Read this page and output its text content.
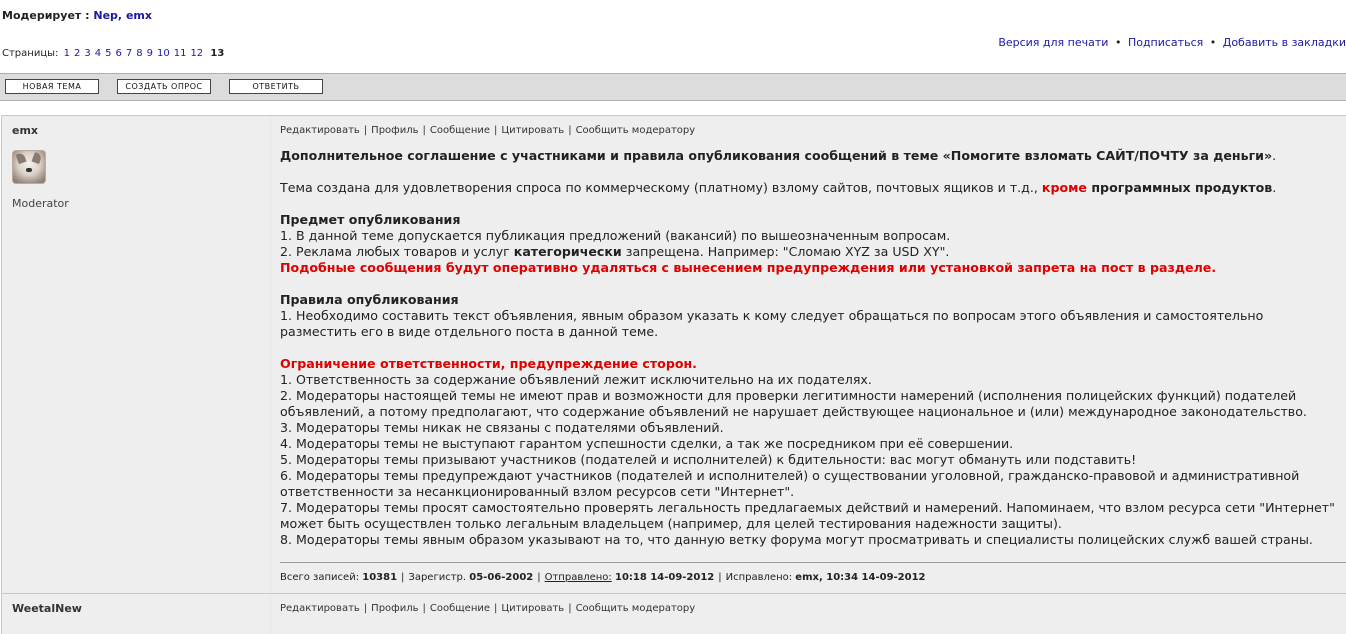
Модерирует : Nep, emx
Страницы: 1 2 3 4 5 6 7 8 9 10 11 12 13
Версия для печати • Подписаться • Добавить в закладки
НОВАЯ ТЕМА	СОЗДАТЬ ОПРОС	ОТВЕТИТЬ
emx
Moderator
Редактировать | Профиль | Сообщение | Цитировать | Сообщить модератору

Дополнительное соглашение с участниками и правила опубликования сообщений в теме «Помогите взломать САЙТ/ПОЧТУ за деньги».

Тема создана для удовлетворения спроса по коммерческому (платному) взлому сайтов, почтовых ящиков и т.д., кроме программных продуктов.

Предмет опубликования

1. В данной теме допускается публикация предложений (вакансий) по вышеозначенным вопросам.

2. Реклама любых товаров и услуг категорически запрещена. Например: "Сломаю XYZ за USD XY".

Подобные сообщения будут оперативно удаляться с вынесением предупреждения или установкой запрета на пост в разделе.

Правила опубликования

1. Необходимо составить текст объявления, явным образом указать к кому следует обращаться по вопросам этого объявления и самостоятельно разместить его в виде отдельного поста в данной теме.

Ограничение ответственности, предупреждение сторон.

1. Ответственность за содержание объявлений лежит исключительно на их подателях.

2. Модераторы настоящей темы не имеют прав и возможности для проверки легитимности намерений (исполнения полицейских функций) подателей объявлений, а потому предполагают, что содержание объявлений не нарушает действующее национальное и (или) международное законодательство.

3. Модераторы темы никак не связаны с подателями объявлений.

4. Модераторы темы не выступают гарантом успешности сделки, а так же посредником при её совершении.

5. Модераторы темы призывают участников (подателей и исполнителей) к бдительности: вас могут обмануть или подставить!

6. Модераторы темы предупреждают участников (подателей и исполнителей) о существовании уголовной, гражданско-правовой и административной ответственности за несанкционированный взлом ресурсов сети "Интернет".

7. Модераторы темы просят самостоятельно проверять легальность предлагаемых действий и намерений. Напоминаем, что взлом ресурса сети "Интернет" может быть осуществлен только легальным владельцем (например, для целей тестирования надежности защиты).

8. Модераторы темы явным образом указывают на то, что данную ветку форума могут просматривать и специалисты полицейских служб вашей страны.

Всего записей: 10381 | Зарегистр. 05-06-2002 | Отправлено: 10:18 14-09-2012 | Исправлено: emx, 10:34 14-09-2012
WeetalNew	Редактировать | Профиль | Сообщение | Цитировать | Сообщить модератору
